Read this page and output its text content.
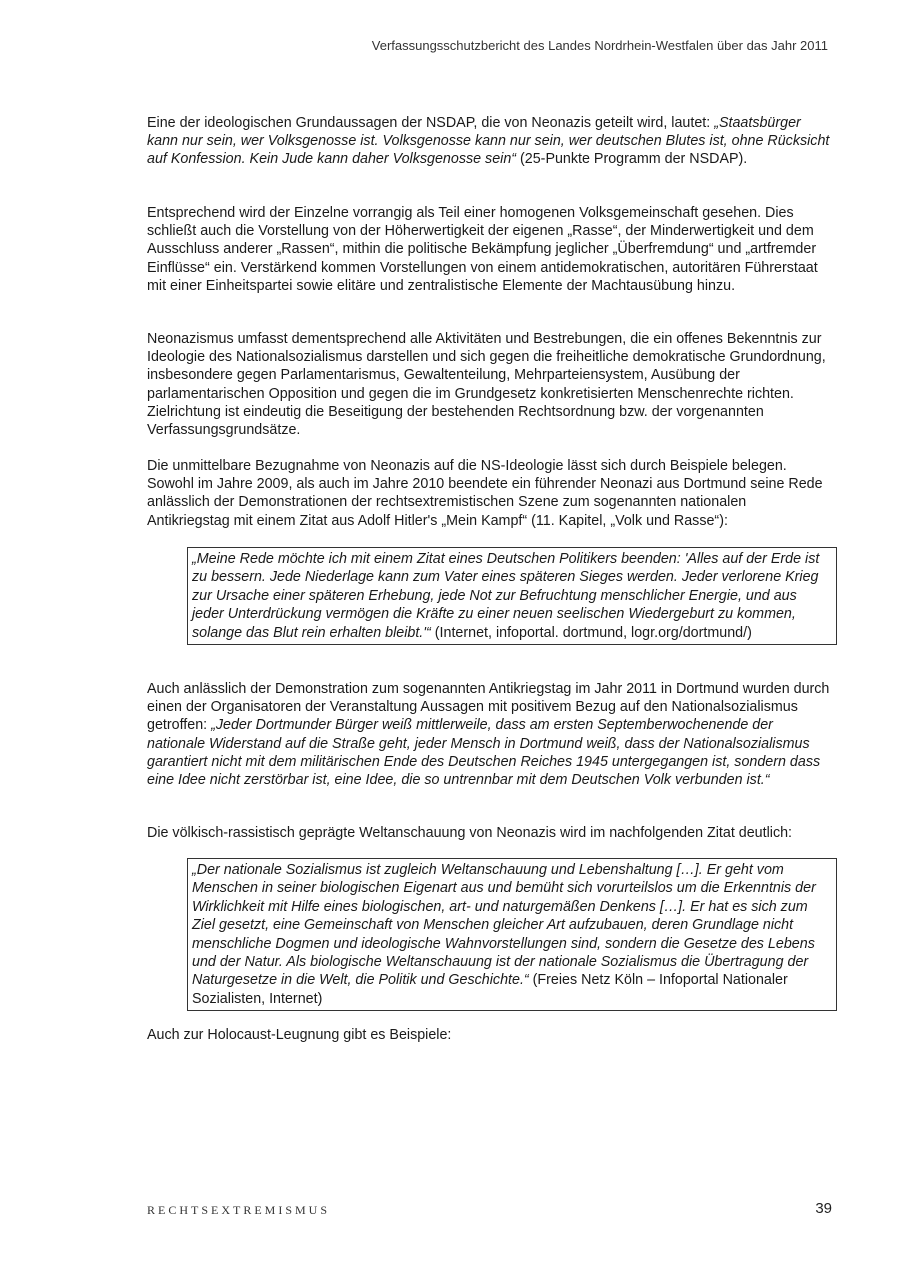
Verfassungsschutzbericht des Landes Nordrhein-Westfalen über das Jahr 2011

Eine der ideologischen Grundaussagen der NSDAP, die von Neonazis geteilt wird, lautet: „Staatsbürger kann nur sein, wer Volksgenosse ist. Volksgenosse kann nur sein, wer deutschen Blutes ist, ohne Rücksicht auf Konfession. Kein Jude kann daher Volksgenosse sein“ (25-Punkte Programm der NSDAP).

Entsprechend wird der Einzelne vorrangig als Teil einer homogenen Volksgemeinschaft gesehen. Dies schließt auch die Vorstellung von der Höherwertigkeit der eigenen „Rasse“, der Minderwertigkeit und dem Ausschluss anderer „Rassen“, mithin die politische Bekämpfung jeglicher „Überfremdung“ und „artfremder Einflüsse“ ein. Verstärkend kommen Vorstellungen von einem antidemokratischen, autoritären Führerstaat mit einer Einheitspartei sowie elitäre und zentralistische Elemente der Machtausübung hinzu.

Neonazismus umfasst dementsprechend alle Aktivitäten und Bestrebungen, die ein offenes Bekenntnis zur Ideologie des Nationalsozialismus darstellen und sich gegen die freiheitliche demokratische Grundordnung, insbesondere gegen Parlamentarismus, Gewaltenteilung, Mehrparteiensystem, Ausübung der parlamentarischen Opposition und gegen die im Grundgesetz konkretisierten Menschenrechte richten. Zielrichtung ist eindeutig die Beseitigung der bestehenden Rechtsordnung bzw. der vorgenannten Verfassungsgrundsätze.

Die unmittelbare Bezugnahme von Neonazis auf die NS-Ideologie lässt sich durch Beispiele belegen. Sowohl im Jahre 2009, als auch im Jahre 2010 beendete ein führender Neonazi aus Dortmund seine Rede anlässlich der Demonstrationen der rechtsextremistischen Szene zum sogenannten nationalen Antikriegstag mit einem Zitat aus Adolf Hitler's „Mein Kampf“ (11. Kapitel, „Volk und Rasse“):

„Meine Rede möchte ich mit einem Zitat eines Deutschen Politikers beenden: 'Alles auf der Erde ist zu bessern. Jede Niederlage kann zum Vater eines späteren Sieges werden. Jeder verlorene Krieg zur Ursache einer späteren Erhebung, jede Not zur Befruchtung menschlicher Energie, und aus jeder Unterdrückung vermögen die Kräfte zu einer neuen seelischen Wiedergeburt zu kommen, solange das Blut rein erhalten bleibt.'“ (Internet, infoportal. dortmund, logr.org/dortmund/)

Auch anlässlich der Demonstration zum sogenannten Antikriegstag im Jahr 2011 in Dortmund wurden durch einen der Organisatoren der Veranstaltung Aussagen mit positivem Bezug auf den Nationalsozialismus getroffen: „Jeder Dortmunder Bürger weiß mittlerweile, dass am ersten Septemberwochenende der nationale Widerstand auf die Straße geht, jeder Mensch in Dortmund weiß, dass der Nationalsozialismus garantiert nicht mit dem militärischen Ende des Deutschen Reiches 1945 untergegangen ist, sondern dass eine Idee nicht zerstörbar ist, eine Idee, die so untrennbar mit dem Deutschen Volk verbunden ist.“

Die völkisch-rassistisch geprägte Weltanschauung von Neonazis wird im nachfolgenden Zitat deutlich:

„Der nationale Sozialismus ist zugleich Weltanschauung und Lebenshaltung […]. Er geht vom Menschen in seiner biologischen Eigenart aus und bemüht sich vorurteilslos um die Erkenntnis der Wirklichkeit mit Hilfe eines biologischen, art- und naturgemäßen Denkens […]. Er hat es sich zum Ziel gesetzt, eine Gemeinschaft von Menschen gleicher Art aufzubauen, deren Grundlage nicht menschliche Dogmen und ideologische Wahnvorstellungen sind, sondern die Gesetze des Lebens und der Natur. Als biologische Weltanschauung ist der nationale Sozialismus die Übertragung der Naturgesetze in die Welt, die Politik und Geschichte.“ (Freies Netz Köln – Infoportal Nationaler Sozialisten, Internet)

Auch zur Holocaust-Leugnung gibt es Beispiele:

RECHTSEXTREMISMUS	39
